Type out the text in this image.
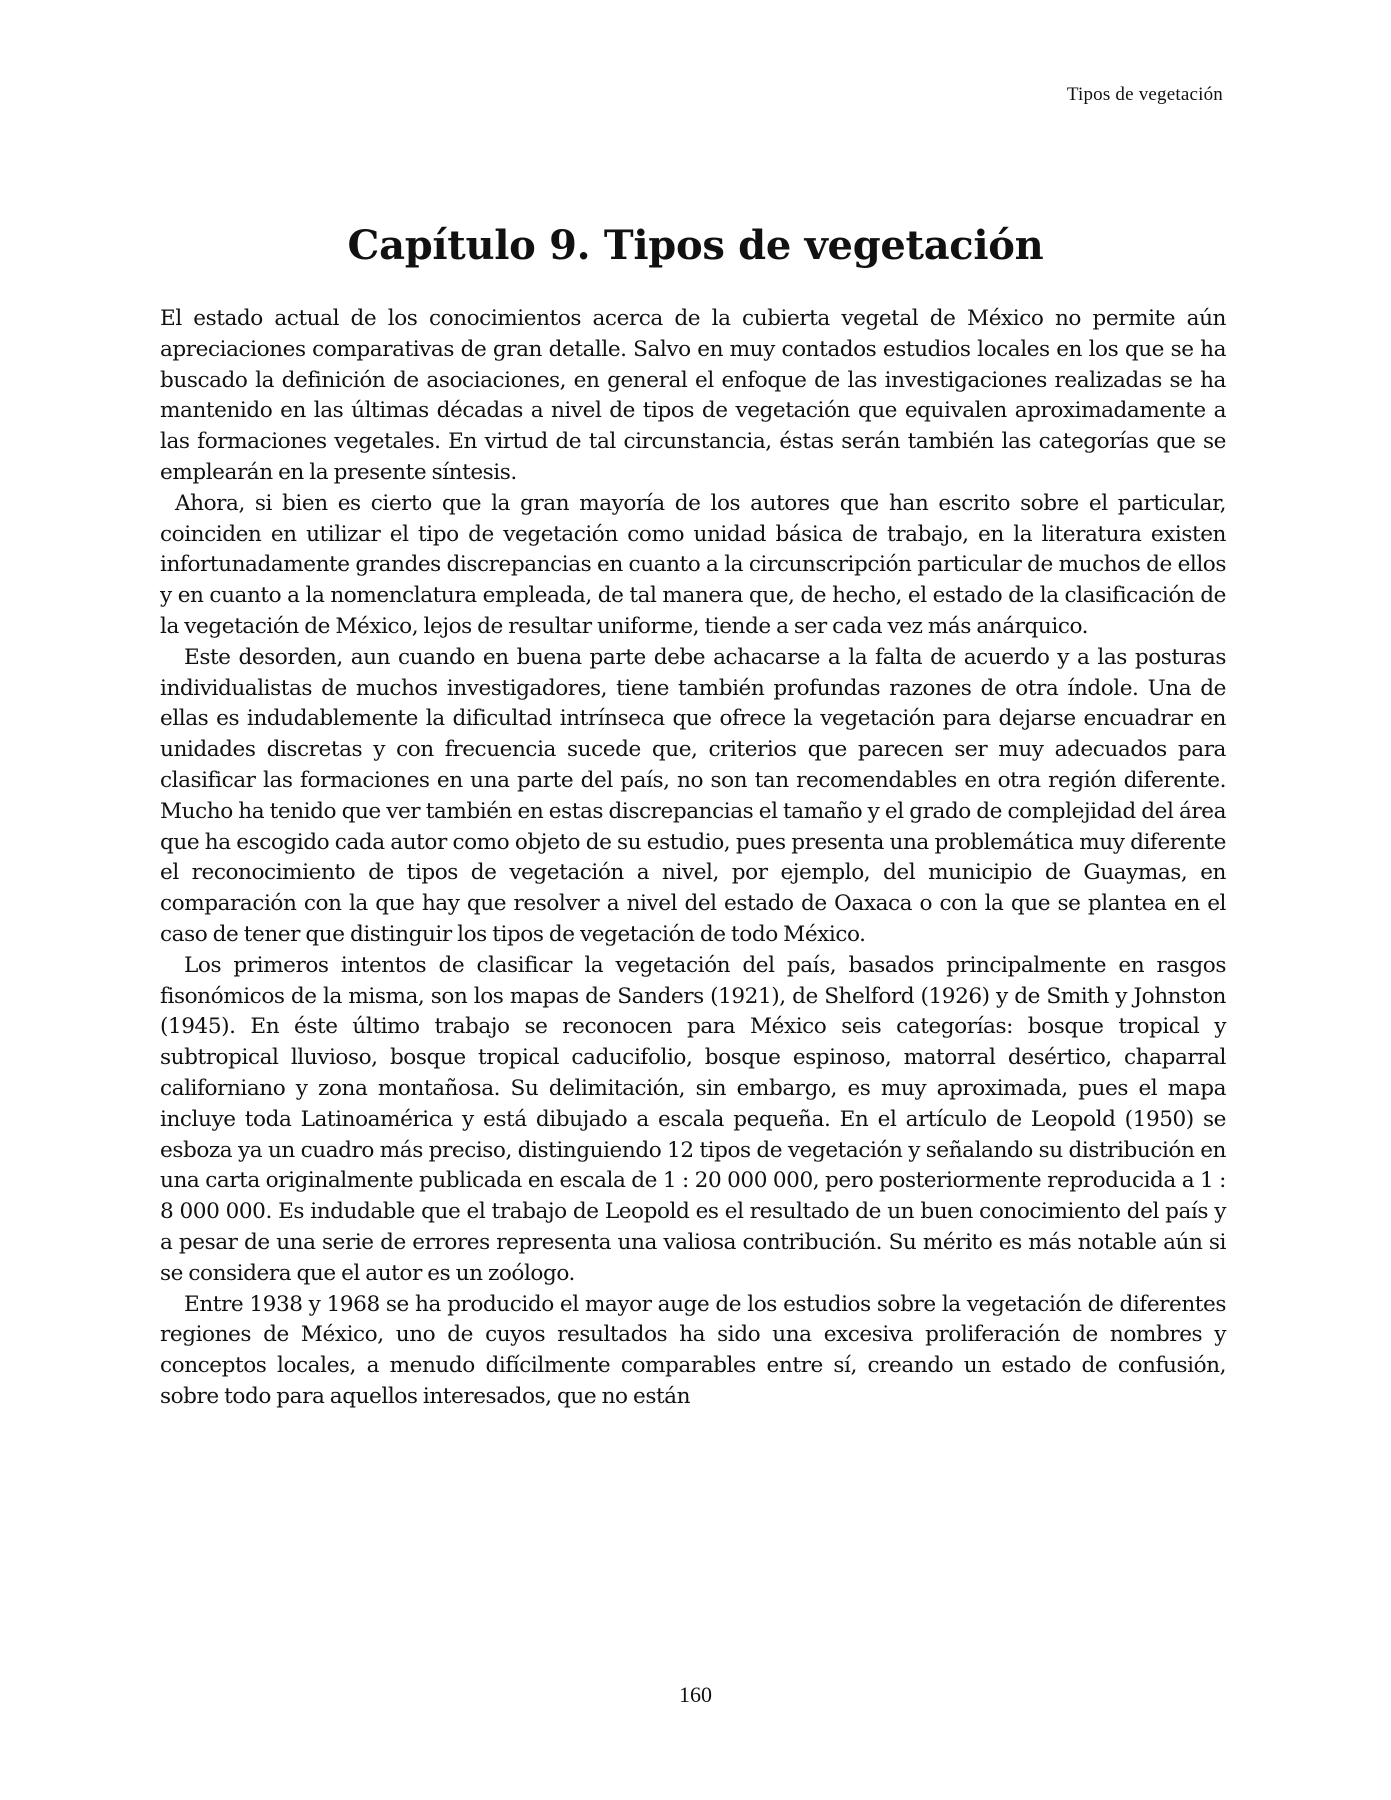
Tipos de vegetación
Capítulo 9. Tipos de vegetación

El estado actual de los conocimientos acerca de la cubierta vegetal de México no permite aún apreciaciones comparativas de gran detalle. Salvo en muy contados estudios locales en los que se ha buscado la definición de asociaciones, en general el enfoque de las investigaciones realizadas se ha mantenido en las últimas décadas a nivel de tipos de vegetación que equivalen aproximadamente a las formaciones vegetales. En virtud de tal circunstancia, éstas serán también las categorías que se emplearán en la presente síntesis.

Ahora, si bien es cierto que la gran mayoría de los autores que han escrito sobre el particular, coinciden en utilizar el tipo de vegetación como unidad básica de trabajo, en la literatura existen infortunadamente grandes discrepancias en cuanto a la circunscripción particular de muchos de ellos y en cuanto a la nomenclatura empleada, de tal manera que, de hecho, el estado de la clasificación de la vegetación de México, lejos de resultar uniforme, tiende a ser cada vez más anárquico.

Este desorden, aun cuando en buena parte debe achacarse a la falta de acuerdo y a las posturas individualistas de muchos investigadores, tiene también profundas razones de otra índole. Una de ellas es indudablemente la dificultad intrínseca que ofrece la vegetación para dejarse encuadrar en unidades discretas y con frecuencia sucede que, criterios que parecen ser muy adecuados para clasificar las formaciones en una parte del país, no son tan recomendables en otra región diferente. Mucho ha tenido que ver también en estas discrepancias el tamaño y el grado de complejidad del área que ha escogido cada autor como objeto de su estudio, pues presenta una problemática muy diferente el reconocimiento de tipos de vegetación a nivel, por ejemplo, del municipio de Guaymas, en comparación con la que hay que resolver a nivel del estado de Oaxaca o con la que se plantea en el caso de tener que distinguir los tipos de vegetación de todo México.

Los primeros intentos de clasificar la vegetación del país, basados principalmente en rasgos fisonómicos de la misma, son los mapas de Sanders (1921), de Shelford (1926) y de Smith y Johnston (1945). En éste último trabajo se reconocen para México seis categorías: bosque tropical y subtropical lluvioso, bosque tropical caducifolio, bosque espinoso, matorral desértico, chaparral californiano y zona montañosa. Su delimitación, sin embargo, es muy aproximada, pues el mapa incluye toda Latinoamérica y está dibujado a escala pequeña. En el artículo de Leopold (1950) se esboza ya un cuadro más preciso, distinguiendo 12 tipos de vegetación y señalando su distribución en una carta originalmente publicada en escala de 1 : 20 000 000, pero posteriormente reproducida a 1 : 8 000 000. Es indudable que el trabajo de Leopold es el resultado de un buen conocimiento del país y a pesar de una serie de errores representa una valiosa contribución. Su mérito es más notable aún si se considera que el autor es un zoólogo.

Entre 1938 y 1968 se ha producido el mayor auge de los estudios sobre la vegetación de diferentes regiones de México, uno de cuyos resultados ha sido una excesiva proliferación de nombres y conceptos locales, a menudo difícilmente comparables entre sí, creando un estado de confusión, sobre todo para aquellos interesados, que no están

160
